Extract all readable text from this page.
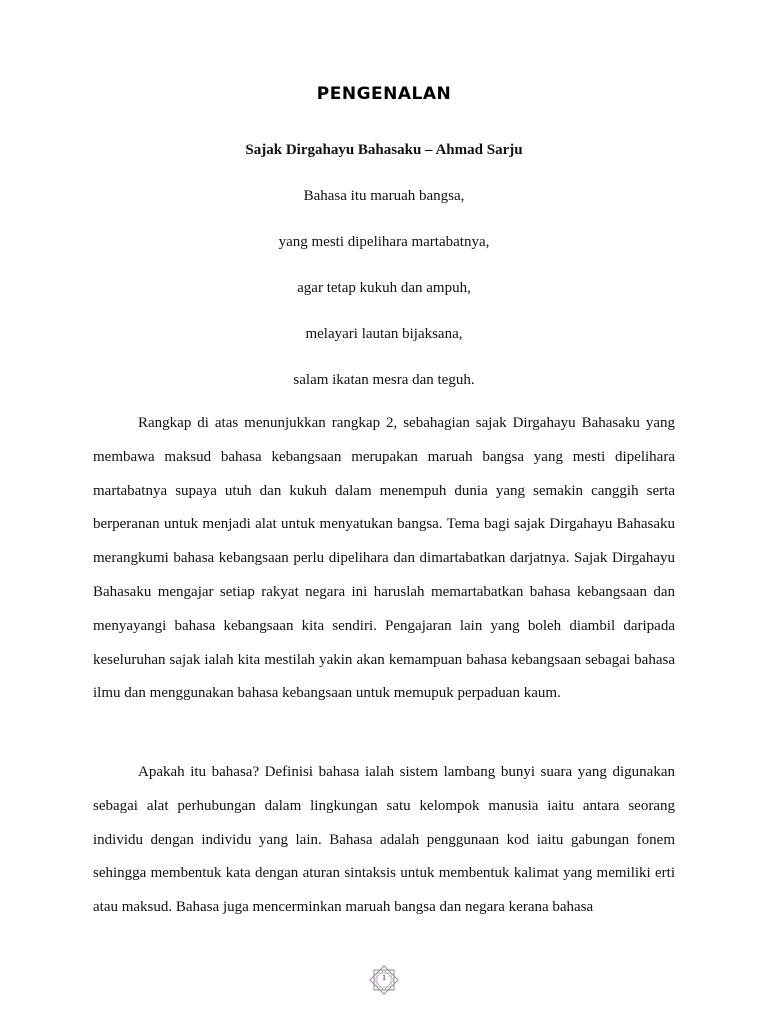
PENGENALAN
Sajak Dirgahayu Bahasaku – Ahmad Sarju
Bahasa itu maruah bangsa,
yang mesti dipelihara martabatnya,
agar tetap kukuh dan ampuh,
melayari lautan bijaksana,
salam ikatan mesra dan teguh.

Rangkap di atas menunjukkan rangkap 2, sebahagian sajak Dirgahayu Bahasaku yang membawa maksud bahasa kebangsaan merupakan maruah bangsa yang mesti dipelihara martabatnya supaya utuh dan kukuh dalam menempuh dunia yang semakin canggih serta berperanan untuk menjadi alat untuk menyatukan bangsa. Tema bagi sajak Dirgahayu Bahasaku merangkumi bahasa kebangsaan perlu dipelihara dan dimartabatkan darjatnya. Sajak Dirgahayu Bahasaku mengajar setiap rakyat negara ini haruslah memartabatkan bahasa kebangsaan dan menyayangi bahasa kebangsaan kita sendiri. Pengajaran lain yang boleh diambil daripada keseluruhan sajak ialah kita mestilah yakin akan kemampuan bahasa kebangsaan sebagai bahasa ilmu dan menggunakan bahasa kebangsaan untuk memupuk perpaduan kaum.

Apakah itu bahasa? Definisi bahasa ialah sistem lambang bunyi suara yang digunakan sebagai alat perhubungan dalam lingkungan satu kelompok manusia iaitu antara seorang individu dengan individu yang lain. Bahasa adalah penggunaan kod iaitu gabungan fonem sehingga membentuk kata dengan aturan sintaksis untuk membentuk kalimat yang memiliki erti atau maksud. Bahasa juga mencerminkan maruah bangsa dan negara kerana bahasa

1
